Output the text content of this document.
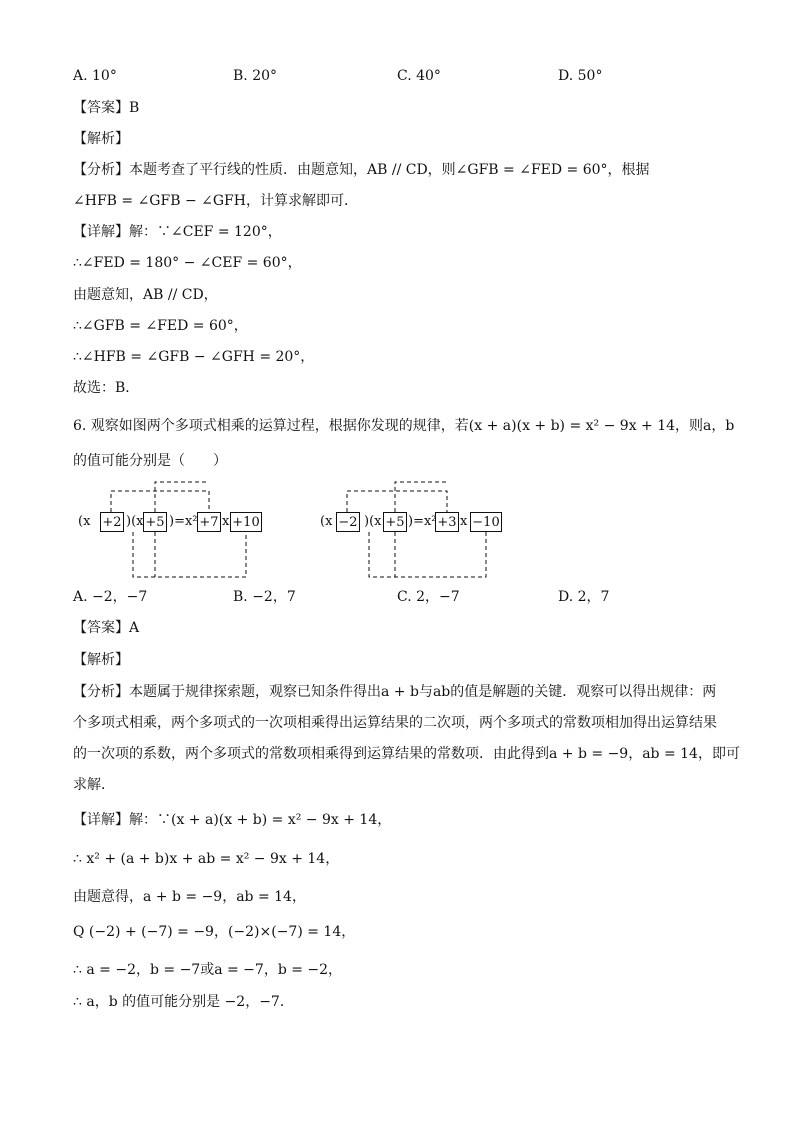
A. 10°	B. 20°	C. 40°	D. 50°
【答案】B
【解析】
【分析】本题考查了平行线的性质．由题意知，AB // CD，则∠GFB = ∠FED = 60°，根据
∠HFB = ∠GFB − ∠GFH，计算求解即可．
【详解】解：∵∠CEF = 120°，
∴∠FED = 180° − ∠CEF = 60°，
由题意知，AB // CD，
∴∠GFB = ∠FED = 60°，
∴∠HFB = ∠GFB − ∠GFH = 20°，
故选：B．
6. 观察如图两个多项式相乘的运算过程，根据你发现的规律，若(x + a)(x + b) = x² − 9x + 14，则a，b
的值可能分别是（　　）
(x +2 )(x +5 )=x² +7 x +10	(x −2 )(x +5 )=x² +3 x −10
A. −2，−7	B. −2，7	C. 2，−7	D. 2，7
【答案】A
【解析】
【分析】本题属于规律探索题，观察已知条件得出a + b与ab的值是解题的关键．观察可以得出规律：两
个多项式相乘，两个多项式的一次项相乘得出运算结果的二次项，两个多项式的常数项相加得出运算结果
的一次项的系数，两个多项式的常数项相乘得到运算结果的常数项．由此得到a + b = −9，ab = 14，即可
求解．
【详解】解：∵(x + a)(x + b) = x² − 9x + 14，
∴ x² + (a + b)x + ab = x² − 9x + 14，
由题意得，a + b = −9，ab = 14，
Q (−2) + (−7) = −9，(−2)×(−7) = 14，
∴ a = −2，b = −7或a = −7，b = −2，
∴ a，b 的值可能分别是 −2，−7．
